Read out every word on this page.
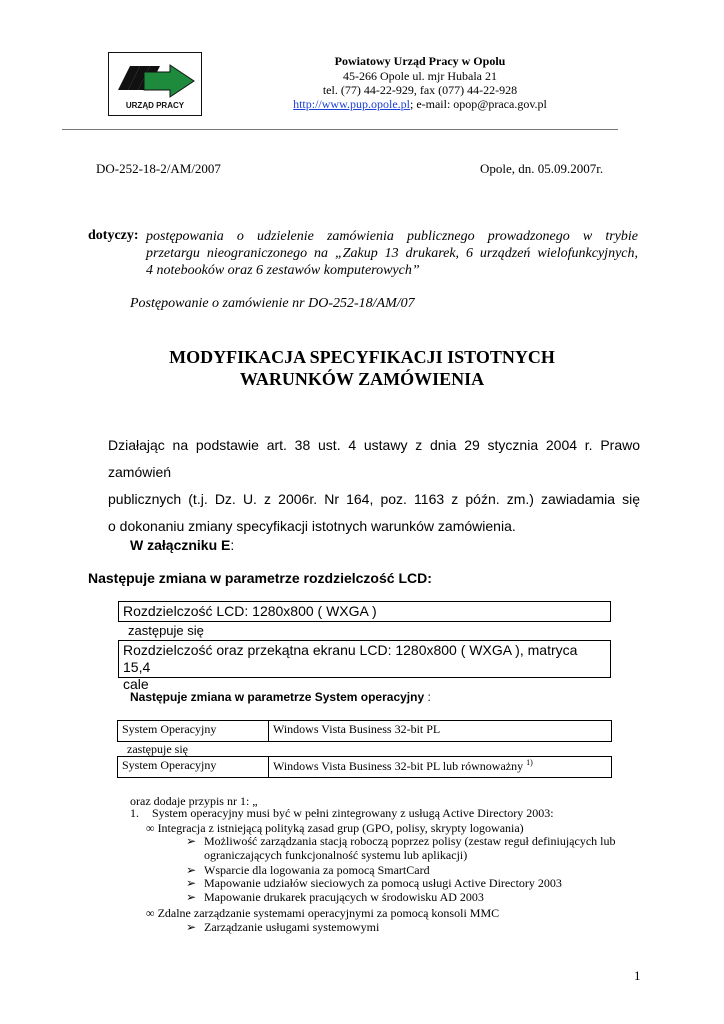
URZĄD PRACY
Powiatowy Urząd Pracy w Opolu
45-266 Opole ul. mjr Hubala 21
tel. (77) 44-22-929, fax (077) 44-22-928
http://www.pup.opole.pl; e-mail: opop@praca.gov.pl
DO-252-18-2/AM/2007	Opole, dn. 05.09.2007r.
dotyczy: postępowania o udzielenie zamówienia publicznego prowadzonego w trybie
przetargu nieograniczonego na „Zakup 13 drukarek, 6 urządzeń wielofunkcyjnych,
4 notebooków oraz 6 zestawów komputerowych”
Postępowanie o zamówienie nr DO-252-18/AM/07
MODYFIKACJA SPECYFIKACJI ISTOTNYCH
WARUNKÓW ZAMÓWIENIA
Działając na podstawie art. 38 ust. 4 ustawy z dnia 29 stycznia 2004 r. Prawo zamówień
publicznych (t.j. Dz. U. z 2006r. Nr 164, poz. 1163 z późn. zm.) zawiadamia się
o dokonaniu zmiany specyfikacji istotnych warunków zamówienia.
W załączniku E:
Następuje zmiana w parametrze rozdzielczość LCD:
Rozdzielczość LCD: 1280x800 ( WXGA )
zastępuje się
Rozdzielczość oraz przekątna ekranu LCD: 1280x800 ( WXGA ), matryca 15,4
cale
Następuje zmiana w parametrze System operacyjny :
System Operacyjny	Windows Vista Business 32-bit PL
zastępuje się
System Operacyjny	Windows Vista Business 32-bit PL lub równoważny $^{1)}$
oraz dodaje przypis nr 1: „
1. System operacyjny musi być w pełni zintegrowany z usługą Active Directory 2003:
∞ Integracja z istniejącą polityką zasad grup (GPO, polisy, skrypty logowania)
➢ Możliwość zarządzania stacją roboczą poprzez polisy (zestaw reguł definiujących lub
ograniczających funkcjonalność systemu lub aplikacji)
➢ Wsparcie dla logowania za pomocą SmartCard
➢ Mapowanie udziałów sieciowych za pomocą usługi Active Directory 2003
➢ Mapowanie drukarek pracujących w środowisku AD 2003
∞ Zdalne zarządzanie systemami operacyjnymi za pomocą konsoli MMC
➢ Zarządzanie usługami systemowymi
1
